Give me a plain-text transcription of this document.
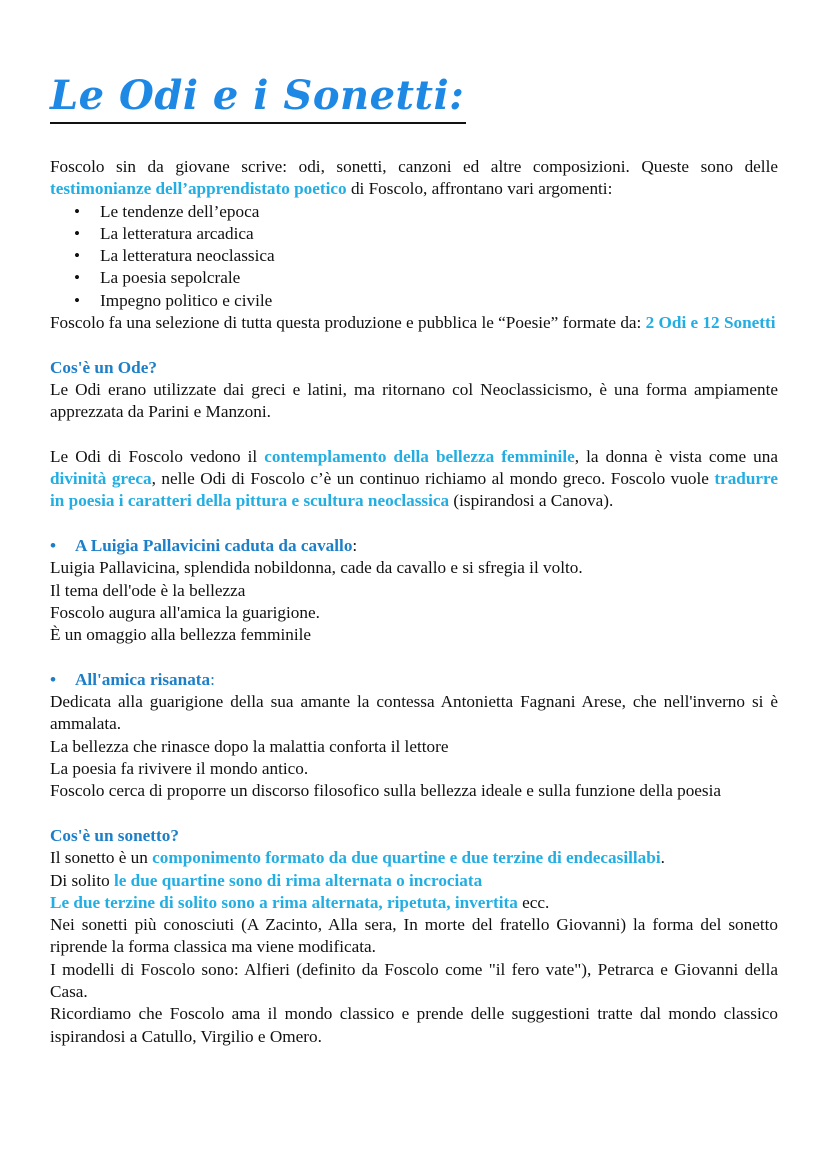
Le Odi e i Sonetti:

Foscolo sin da giovane scrive: odi, sonetti, canzoni ed altre composizioni. Queste sono delle testimonianze dell’apprendistato poetico di Foscolo, affrontano vari argomenti:

• Le tendenze dell’epoca
• La letteratura arcadica
• La letteratura neoclassica
• La poesia sepolcrale
• Impegno politico e civile

Foscolo fa una selezione di tutta questa produzione e pubblica le “Poesie” formate da: 2 Odi e 12 Sonetti

Cos'è un Ode?

Le Odi erano utilizzate dai greci e latini, ma ritornano col Neoclassicismo, è una forma ampiamente apprezzata da Parini e Manzoni.

Le Odi di Foscolo vedono il contemplamento della bellezza femminile, la donna è vista come una divinità greca, nelle Odi di Foscolo c’è un continuo richiamo al mondo greco. Foscolo vuole tradurre in poesia i caratteri della pittura e scultura neoclassica (ispirandosi a Canova).

• A Luigia Pallavicini caduta da cavallo:

Luigia Pallavicina, splendida nobildonna, cade da cavallo e si sfregia il volto.

Il tema dell'ode è la bellezza

Foscolo augura all'amica la guarigione.

È un omaggio alla bellezza femminile

• All'amica risanata:

Dedicata alla guarigione della sua amante la contessa Antonietta Fagnani Arese, che nell'inverno si è ammalata.

La bellezza che rinasce dopo la malattia conforta il lettore

La poesia fa rivivere il mondo antico.

Foscolo cerca di proporre un discorso filosofico sulla bellezza ideale e sulla funzione della poesia

Cos'è un sonetto?

Il sonetto è un componimento formato da due quartine e due terzine di endecasillabi.

Di solito le due quartine sono di rima alternata o incrociata

Le due terzine di solito sono a rima alternata, ripetuta, invertita ecc.

Nei sonetti più conosciuti (A Zacinto, Alla sera, In morte del fratello Giovanni) la forma del sonetto riprende la forma classica ma viene modificata.

I modelli di Foscolo sono: Alfieri (definito da Foscolo come "il fero vate"), Petrarca e Giovanni della Casa.

Ricordiamo che Foscolo ama il mondo classico e prende delle suggestioni tratte dal mondo classico ispirandosi a Catullo, Virgilio e Omero.
